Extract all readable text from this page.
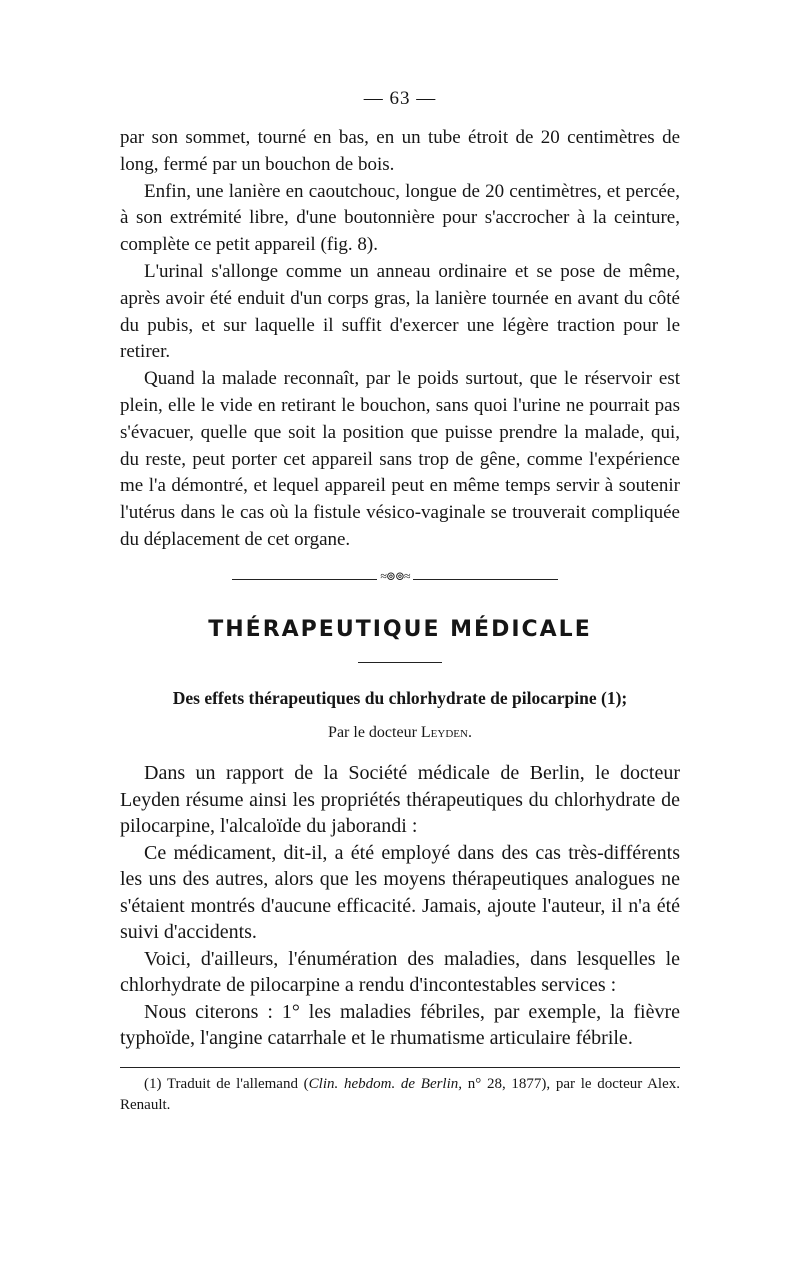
— 63 —

par son sommet, tourné en bas, en un tube étroit de 20 centimètres de long, fermé par un bouchon de bois.

Enfin, une lanière en caoutchouc, longue de 20 centimètres, et percée, à son extrémité libre, d'une boutonnière pour s'accrocher à la ceinture, complète ce petit appareil (fig. 8).

L'urinal s'allonge comme un anneau ordinaire et se pose de même, après avoir été enduit d'un corps gras, la lanière tournée en avant du côté du pubis, et sur laquelle il suffit d'exercer une légère traction pour le retirer.

Quand la malade reconnaît, par le poids surtout, que le réservoir est plein, elle le vide en retirant le bouchon, sans quoi l'urine ne pourrait pas s'évacuer, quelle que soit la position que puisse prendre la malade, qui, du reste, peut porter cet appareil sans trop de gêne, comme l'expérience me l'a démontré, et lequel appareil peut en même temps servir à soutenir l'utérus dans le cas où la fistule vésico-vaginale se trouverait compliquée du déplacement de cet organe.

≈⊚⊚≈
THÉRAPEUTIQUE MÉDICALE
Des effets thérapeutiques du chlorhydrate de pilocarpine (1);
Par le docteur Leyden.

Dans un rapport de la Société médicale de Berlin, le docteur Leyden résume ainsi les propriétés thérapeutiques du chlorhydrate de pilocarpine, l'alcaloïde du jaborandi :

Ce médicament, dit-il, a été employé dans des cas très-différents les uns des autres, alors que les moyens thérapeutiques analogues ne s'étaient montrés d'aucune efficacité. Jamais, ajoute l'auteur, il n'a été suivi d'accidents.

Voici, d'ailleurs, l'énumération des maladies, dans lesquelles le chlorhydrate de pilocarpine a rendu d'incontestables services :

Nous citerons : 1° les maladies fébriles, par exemple, la fièvre typhoïde, l'angine catarrhale et le rhumatisme articulaire fébrile.

(1) Traduit de l'allemand (Clin. hebdom. de Berlin, n° 28, 1877), par le docteur Alex. Renault.
